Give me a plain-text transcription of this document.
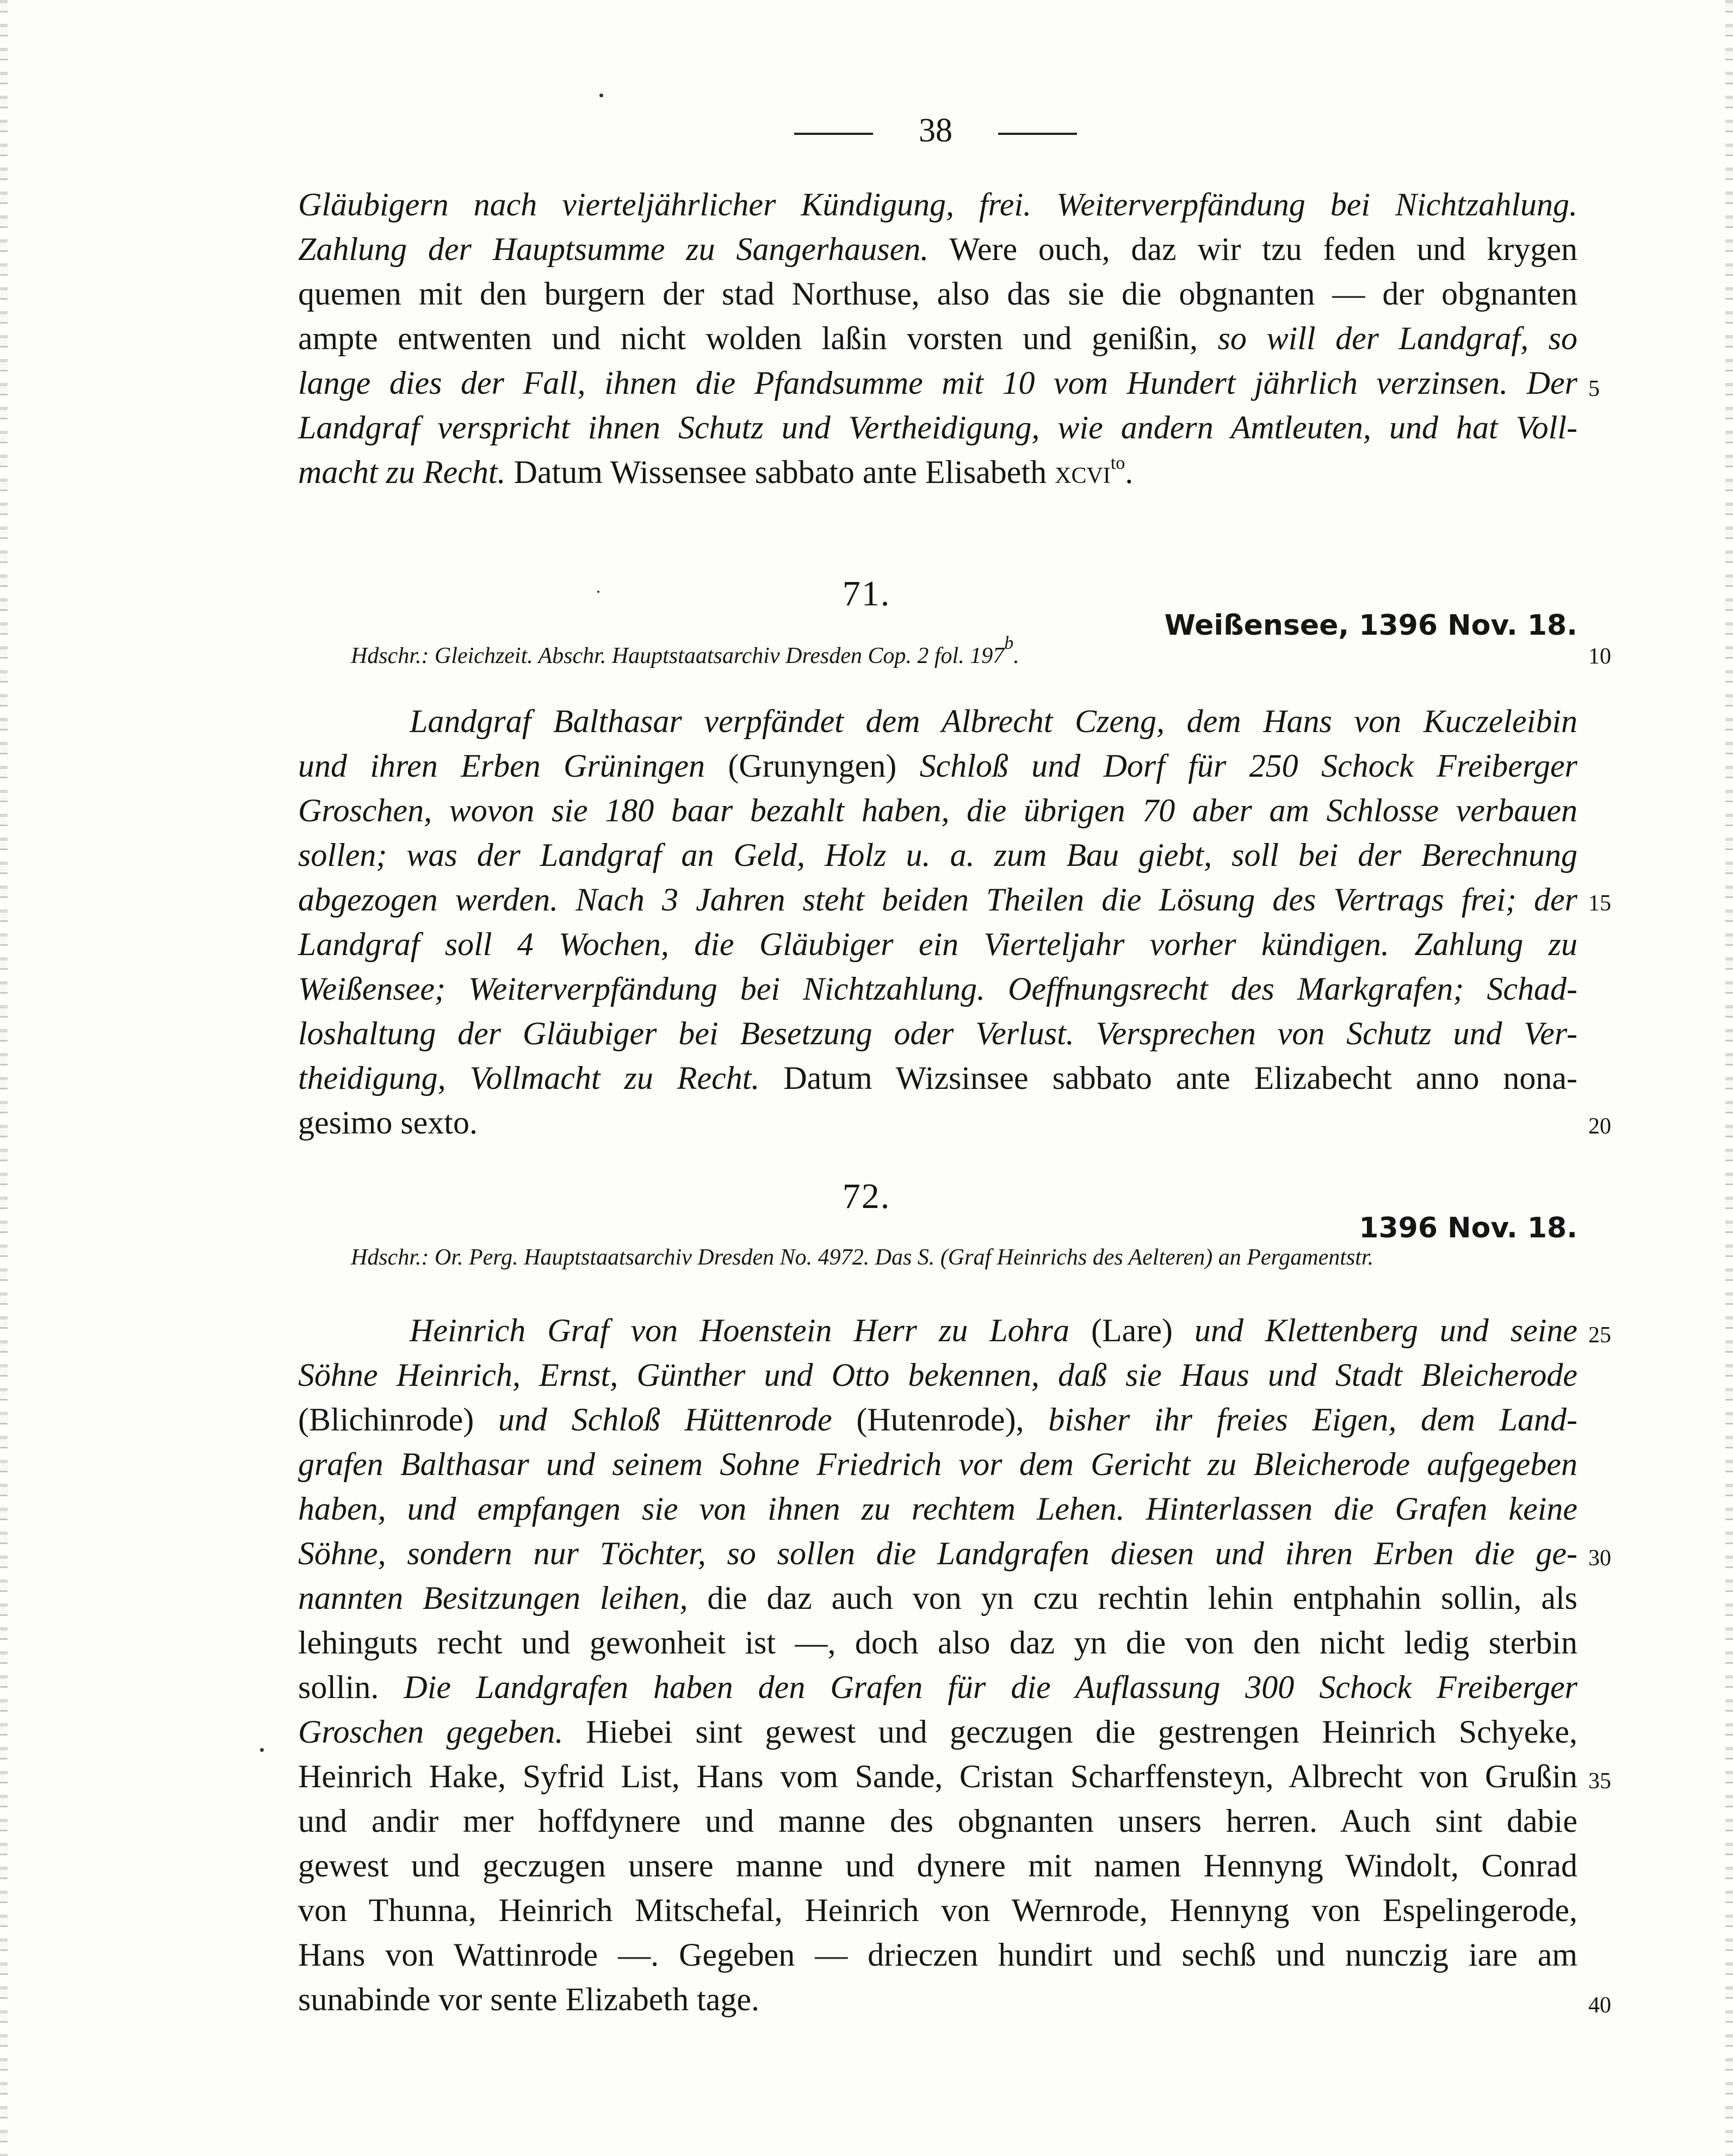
38
Gläubigern nach vierteljährlicher Kündigung, frei. Weiterverpfändung bei Nichtzahlung.
Zahlung der Hauptsumme zu Sangerhausen. Were ouch, daz wir tzu feden und krygen
quemen mit den burgern der stad Northuse, also das sie die obgnanten — der obgnanten
ampte entwenten und nicht wolden laßin vorsten und genißin, so will der Landgraf, so
lange dies der Fall, ihnen die Pfandsumme mit 10 vom Hundert jährlich verzinsen. Der
Landgraf verspricht ihnen Schutz und Vertheidigung, wie andern Amtleuten, und hat Voll-
macht zu Recht. Datum Wissensee sabbato ante Elisabeth xcvi$^{to}$.
71.
Weißensee, 1396 Nov. 18.
Hdschr.: Gleichzeit. Abschr. Hauptstaatsarchiv Dresden Cop. 2 fol. 197$^b$.
Landgraf Balthasar verpfändet dem Albrecht Czeng, dem Hans von Kuczeleibin
und ihren Erben Grüningen (Grunyngen) Schloß und Dorf für 250 Schock Freiberger
Groschen, wovon sie 180 baar bezahlt haben, die übrigen 70 aber am Schlosse verbauen
sollen; was der Landgraf an Geld, Holz u. a. zum Bau giebt, soll bei der Berechnung
abgezogen werden. Nach 3 Jahren steht beiden Theilen die Lösung des Vertrags frei; der
Landgraf soll 4 Wochen, die Gläubiger ein Vierteljahr vorher kündigen. Zahlung zu
Weißensee; Weiterverpfändung bei Nichtzahlung. Oeffnungsrecht des Markgrafen; Schad-
loshaltung der Gläubiger bei Besetzung oder Verlust. Versprechen von Schutz und Ver-
theidigung, Vollmacht zu Recht. Datum Wizsinsee sabbato ante Elizabecht anno nona-
gesimo sexto.
72.
1396 Nov. 18.
Hdschr.: Or. Perg. Hauptstaatsarchiv Dresden No. 4972. Das S. (Graf Heinrichs des Aelteren) an Pergamentstr.
Heinrich Graf von Hoenstein Herr zu Lohra (Lare) und Klettenberg und seine
Söhne Heinrich, Ernst, Günther und Otto bekennen, daß sie Haus und Stadt Bleicherode
(Blichinrode) und Schloß Hüttenrode (Hutenrode), bisher ihr freies Eigen, dem Land-
grafen Balthasar und seinem Sohne Friedrich vor dem Gericht zu Bleicherode aufgegeben
haben, und empfangen sie von ihnen zu rechtem Lehen. Hinterlassen die Grafen keine
Söhne, sondern nur Töchter, so sollen die Landgrafen diesen und ihren Erben die ge-
nannten Besitzungen leihen, die daz auch von yn czu rechtin lehin entphahin sollin, als
lehinguts recht und gewonheit ist —, doch also daz yn die von den nicht ledig sterbin
sollin. Die Landgrafen haben den Grafen für die Auflassung 300 Schock Freiberger
Groschen gegeben. Hiebei sint gewest und geczugen die gestrengen Heinrich Schyeke,
Heinrich Hake, Syfrid List, Hans vom Sande, Cristan Scharffensteyn, Albrecht von Grußin
und andir mer hoffdynere und manne des obgnanten unsers herren. Auch sint dabie
gewest und geczugen unsere manne und dynere mit namen Hennyng Windolt, Conrad
von Thunna, Heinrich Mitschefal, Heinrich von Wernrode, Hennyng von Espelingerode,
Hans von Wattinrode —. Gegeben — drieczen hundirt und sechß und nunczig iare am
sunabinde vor sente Elizabeth tage.
5
10
15
20
25
30
35
40
